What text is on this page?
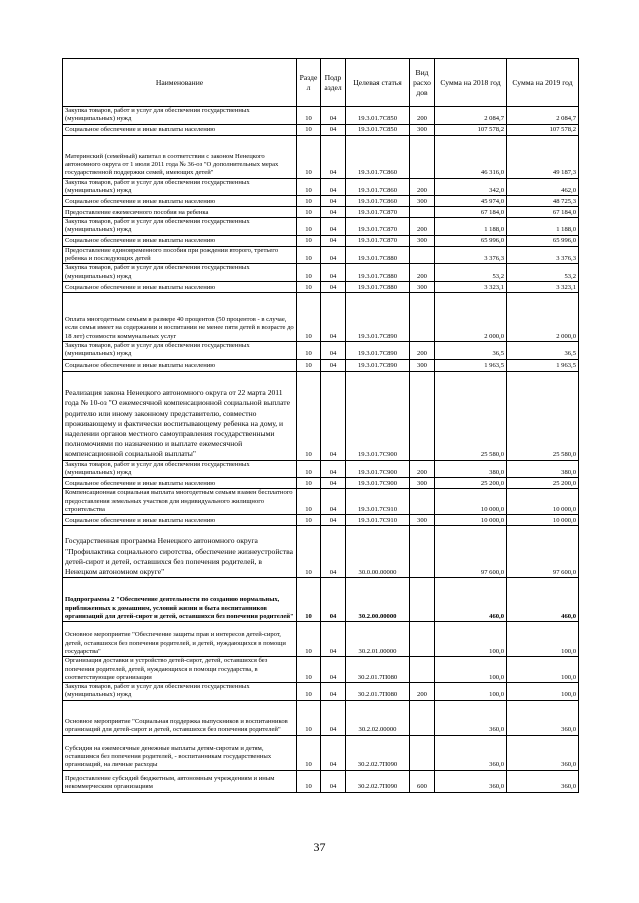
Наименование	Разде л	Подр аздел	Целевая статья	Вид расхо дов	Сумма на 2018 год	Сумма на 2019 год
Закупка товаров, работ и услуг для обеспечения государственных (муниципальных) нужд	10	04	19.3.01.7С850	200	2 084,7	2 084,7
Социальное обеспечение и иные выплаты населению	10	04	19.3.01.7С850	300	107 578,2	107 578,2
Материнский (семейный) капитал в соответствии с законом Ненецкого автономного округа от 1 июля 2011 года № 36-оз "О дополнительных мерах государственной поддержки семей, имеющих детей"	10	04	19.3.01.7С860		46 316,0	49 187,3
Закупка товаров, работ и услуг для обеспечения государственных (муниципальных) нужд	10	04	19.3.01.7С860	200	342,0	462,0
Социальное обеспечение и иные выплаты населению	10	04	19.3.01.7С860	300	45 974,0	48 725,3
Предоставление ежемесячного пособия на ребенка	10	04	19.3.01.7С870		67 184,0	67 184,0
Закупка товаров, работ и услуг для обеспечения государственных (муниципальных) нужд	10	04	19.3.01.7С870	200	1 188,0	1 188,0
Социальное обеспечение и иные выплаты населению	10	04	19.3.01.7С870	300	65 996,0	65 996,0
Предоставление единовременного пособия при рождении второго, третьего ребенка и последующих детей	10	04	19.3.01.7С880		3 376,3	3 376,3
Закупка товаров, работ и услуг для обеспечения государственных (муниципальных) нужд	10	04	19.3.01.7С880	200	53,2	53,2
Социальное обеспечение и иные выплаты населению	10	04	19.3.01.7С880	300	3 323,1	3 323,1
Оплата многодетным семьям в размере 40 процентов (50 процентов - в случае, если семья имеет на содержании и воспитании не менее пяти детей в возрасте до 18 лет) стоимости коммунальных услуг	10	04	19.3.01.7С890		2 000,0	2 000,0
Закупка товаров, работ и услуг для обеспечения государственных (муниципальных) нужд	10	04	19.3.01.7С890	200	36,5	36,5
Социальное обеспечение и иные выплаты населению	10	04	19.3.01.7С890	300	1 963,5	1 963,5
Реализация закона Ненецкого автономного округа от 22 марта 2011 года № 10-оз "О ежемесячной компенсационной социальной выплате родителю или иному законному представителю, совместно проживающему и фактически воспитывающему ребенка на дому, и наделении органов местного самоуправления государственными полномочиями по назначению и выплате ежемесячной компенсационной социальной выплаты"	10	04	19.3.01.7С900		25 580,0	25 580,0
Закупка товаров, работ и услуг для обеспечения государственных (муниципальных) нужд	10	04	19.3.01.7С900	200	380,0	380,0
Социальное обеспечение и иные выплаты населению	10	04	19.3.01.7С900	300	25 200,0	25 200,0
Компенсационная социальная выплата многодетным семьям взамен бесплатного предоставления земельных участков для индивидуального жилищного строительства	10	04	19.3.01.7С910		10 000,0	10 000,0
Социальное обеспечение и иные выплаты населению	10	04	19.3.01.7С910	300	10 000,0	10 000,0
Государственная программа Ненецкого автономного округа "Профилактика социального сиротства, обеспечение жизнеустройства детей-сирот и детей, оставшихся без попечения родителей, в Ненецком автономном округе"	10	04	30.0.00.00000		97 600,0	97 600,0
Подпрограмма 2 "Обеспечение деятельности по созданию нормальных, приближенных к домашним, условий жизни и быта воспитанников организаций для детей-сирот и детей, оставшихся без попечения родителей"	10	04	30.2.00.00000		460,0	460,0
Основное мероприятие "Обеспечение защиты прав и интересов детей-сирот, детей, оставшихся без попечения родителей, и детей, нуждающихся в помощи государства"	10	04	30.2.01.00000		100,0	100,0
Организация доставки и устройство детей-сирот, детей, оставшихся без попечения родителей, детей, нуждающихся в помощи государства, в соответствующие организации	10	04	30.2.01.7П080		100,0	100,0
Закупка товаров, работ и услуг для обеспечения государственных (муниципальных) нужд	10	04	30.2.01.7П080	200	100,0	100,0
Основное мероприятие "Социальная поддержка выпускников и воспитанников организаций для детей-сирот и детей, оставшихся без попечения родителей"	10	04	30.2.02.00000		360,0	360,0
Субсидия на ежемесячные денежные выплаты детям-сиротам и детям, оставшимся без попечения родителей, - воспитанникам государственных организаций, на личные расходы	10	04	30.2.02.7П090		360,0	360,0
Предоставление субсидий бюджетным, автономным учреждениям и иным некоммерческим организациям	10	04	30.2.02.7П090	600	360,0	360,0
37
